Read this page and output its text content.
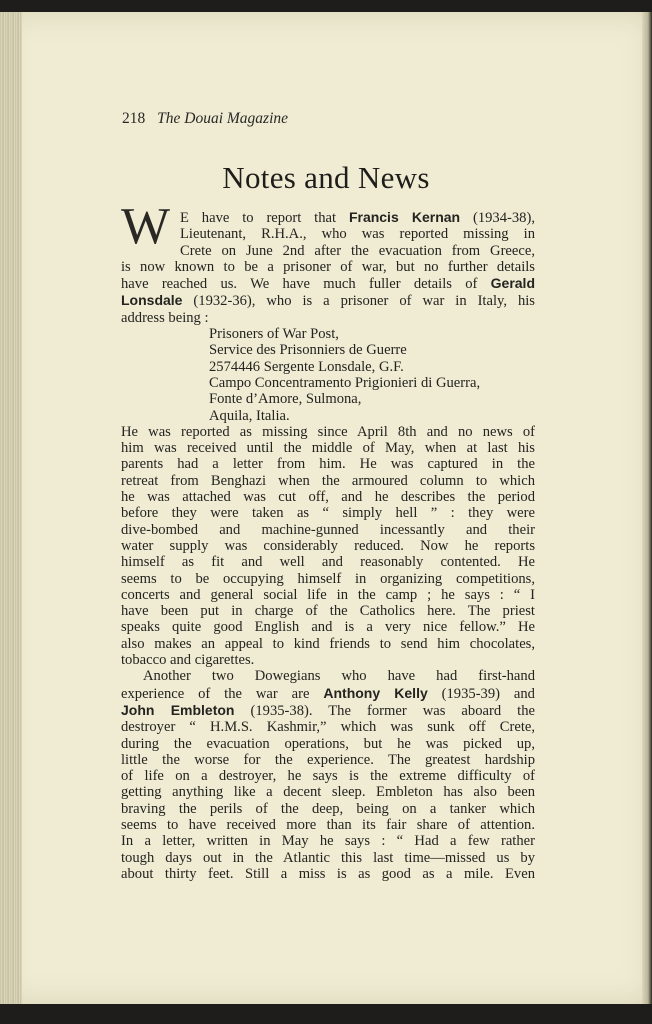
218 The Douai Magazine
Notes and News
W E have to report that Francis Kernan (1934-38),
Lieutenant, R.H.A., who was reported missing in
Crete on June 2nd after the evacuation from Greece,
is now known to be a prisoner of war, but no further details
have reached us. We have much fuller details of Gerald
Lonsdale (1932-36), who is a prisoner of war in Italy, his
address being :
Prisoners of War Post,
Service des Prisonniers de Guerre
2574446 Sergente Lonsdale, G.F.
Campo Concentramento Prigionieri di Guerra,
Fonte d’Amore, Sulmona,
Aquila, Italia.
He was reported as missing since April 8th and no news of
him was received until the middle of May, when at last his
parents had a letter from him. He was captured in the
retreat from Benghazi when the armoured column to which
he was attached was cut off, and he describes the period
before they were taken as “ simply hell ” : they were
dive-bombed and machine-gunned incessantly and their
water supply was considerably reduced. Now he reports
himself as fit and well and reasonably contented. He
seems to be occupying himself in organizing competitions,
concerts and general social life in the camp ; he says : “ I
have been put in charge of the Catholics here. The priest
speaks quite good English and is a very nice fellow.” He
also makes an appeal to kind friends to send him chocolates,
tobacco and cigarettes.
Another two Dowegians who have had first-hand
experience of the war are Anthony Kelly (1935-39) and
John Embleton (1935-38). The former was aboard the
destroyer “ H.M.S. Kashmir,” which was sunk off Crete,
during the evacuation operations, but he was picked up,
little the worse for the experience. The greatest hardship
of life on a destroyer, he says is the extreme difficulty of
getting anything like a decent sleep. Embleton has also been
braving the perils of the deep, being on a tanker which
seems to have received more than its fair share of attention.
In a letter, written in May he says : “ Had a few rather
tough days out in the Atlantic this last time—missed us by
about thirty feet. Still a miss is as good as a mile. Even
